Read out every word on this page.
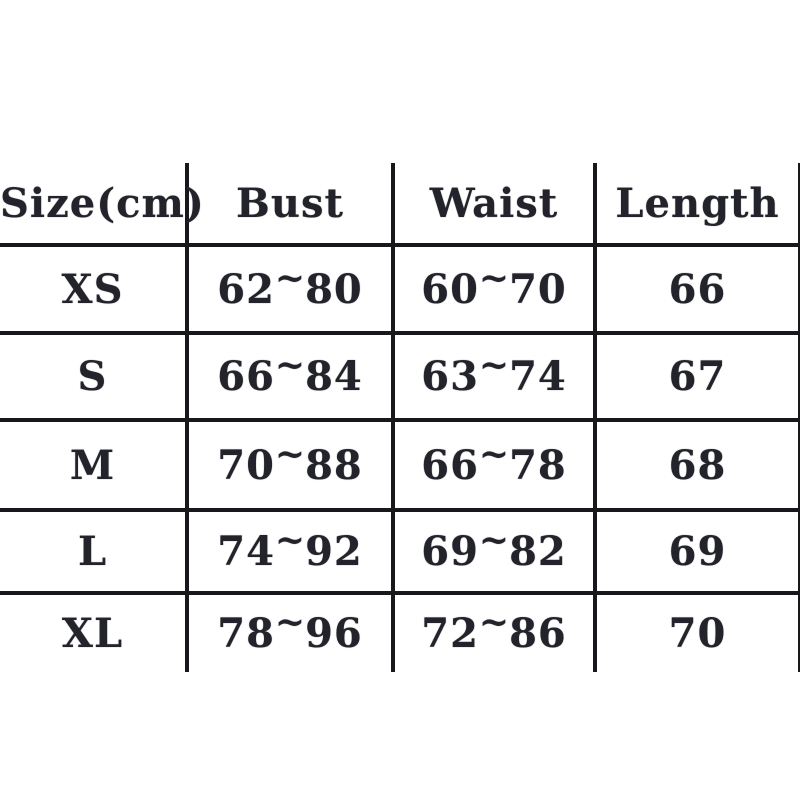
Size(cm)	Bust	Waist	Length
XS	62~80	60~70	66
S	66~84	63~74	67
M	70~88	66~78	68
L	74~92	69~82	69
XL	78~96	72~86	70
